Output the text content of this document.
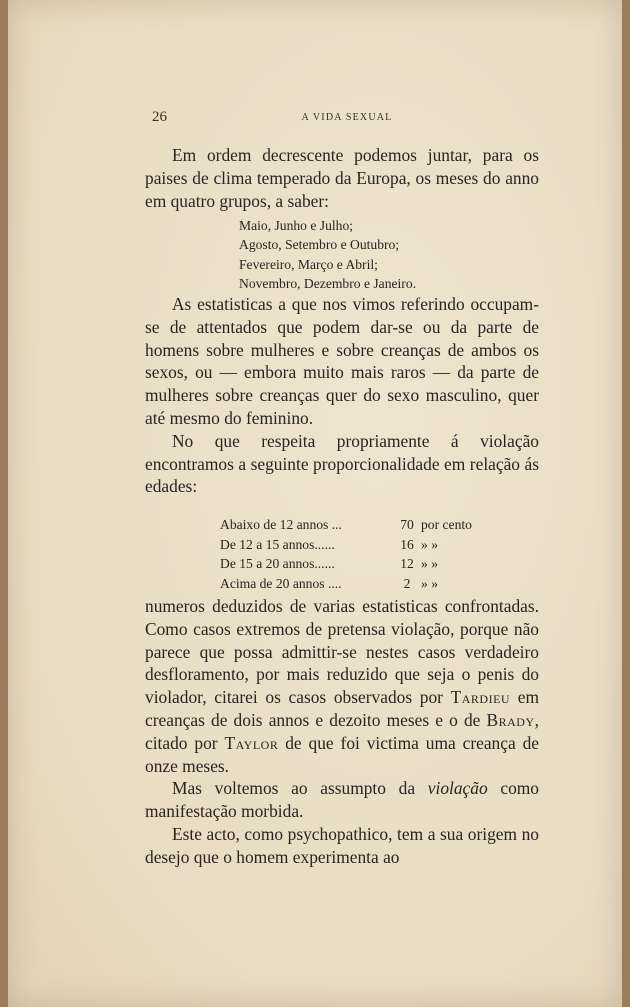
26	A VIDA SEXUAL

Em ordem decrescente podemos juntar, para os paises de clima temperado da Europa, os meses do anno em quatro grupos, a saber:

Maio, Junho e Julho;
Agosto, Setembro e Outubro;
Fevereiro, Março e Abril;
Novembro, Dezembro e Janeiro.

As estatisticas a que nos vimos referindo occupam-se de attentados que podem dar-se ou da parte de homens sobre mulheres e sobre creanças de ambos os sexos, ou — embora muito mais raros — da parte de mulheres sobre creanças quer do sexo masculino, quer até mesmo do feminino.

No que respeita propriamente á violação encontramos a seguinte proporcionalidade em relação ás edades:

Abaixo de 12 annos ...	70 por cento
De 12 a 15 annos......	16 » »
De 15 a 20 annos......	12 » »
Acima de 20 annos ....	2 » »

numeros deduzidos de varias estatisticas confrontadas. Como casos extremos de pretensa violação, porque não parece que possa admittir-se nestes casos verdadeiro desfloramento, por mais reduzido que seja o penis do violador, citarei os casos observados por Tardieu em creanças de dois annos e dezoito meses e o de Brady, citado por Taylor de que foi victima uma creança de onze meses.

Mas voltemos ao assumpto da violação como manifestação morbida.

Este acto, como psychopathico, tem a sua origem no desejo que o homem experimenta ao
